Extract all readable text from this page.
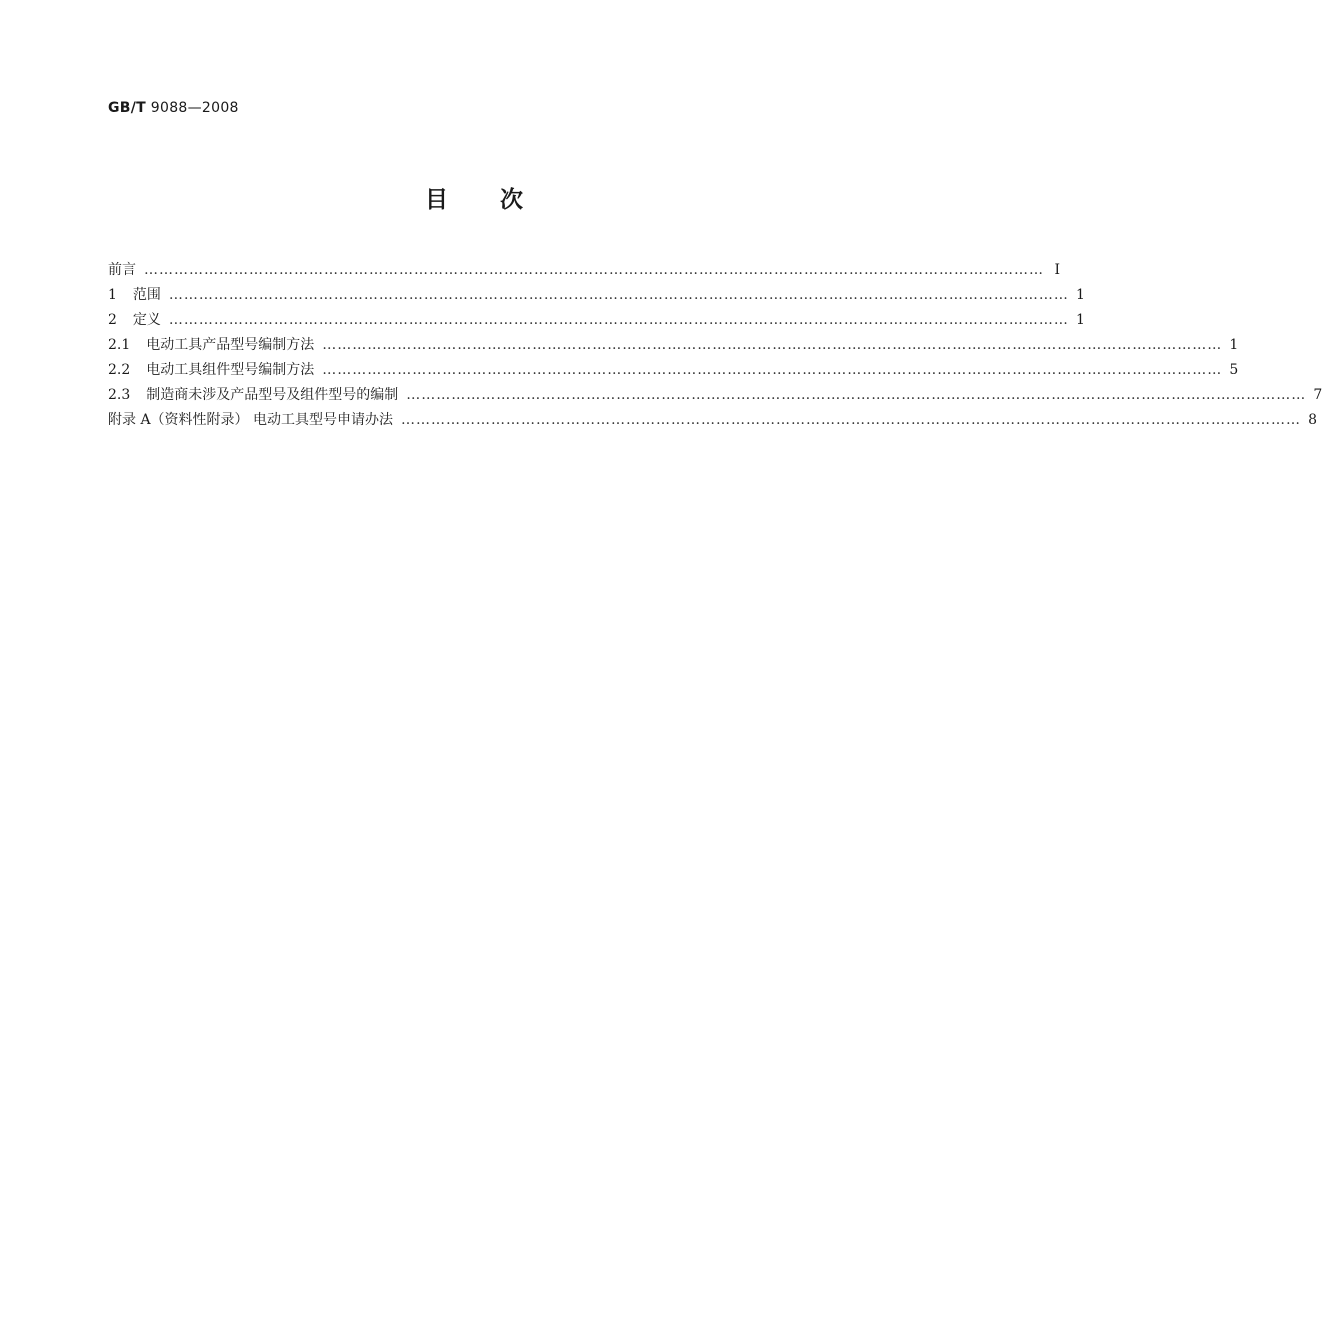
GB/T 9088—2008
目 次
前言 ……………………………………………………………………………………………………………………………………………………………… Ⅰ
1 范围 ……………………………………………………………………………………………………………………………………………………………… 1
2 定义 ……………………………………………………………………………………………………………………………………………………………… 1
2.1 电动工具产品型号编制方法 ……………………………………………………………………………………………………………………………………………………………… 1
2.2 电动工具组件型号编制方法 ……………………………………………………………………………………………………………………………………………………………… 5
2.3 制造商未涉及产品型号及组件型号的编制 ……………………………………………………………………………………………………………………………………………………………… 7
附录 A（资料性附录） 电动工具型号申请办法 ……………………………………………………………………………………………………………………………………………………………… 8
